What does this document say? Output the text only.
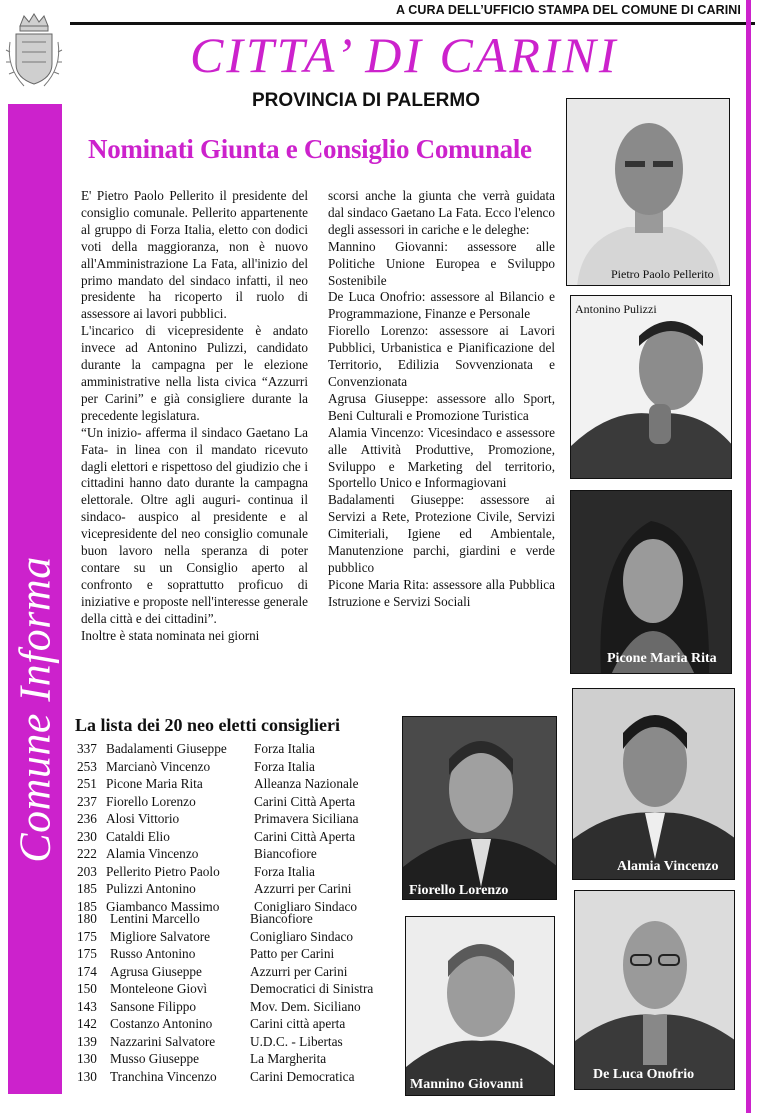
A CURA DELL’UFFICIO STAMPA DEL COMUNE DI CARINI
CITTA’ DI CARINI
PROVINCIA DI PALERMO
Comune Informa
Nominati Giunta e Consiglio Comunale

E' Pietro Paolo Pellerito il presidente del consiglio comunale. Pellerito appartenente al gruppo di Forza Italia, eletto con dodici voti della maggioranza, non è nuovo all'Amministrazione La Fata, all'inizio del primo mandato del sindaco infatti, il neo presidente ha ricoperto il ruolo di assessore ai lavori pubblici.

L'incarico di vicepresidente è andato invece ad Antonino Pulizzi, candidato durante la campagna per le elezione amministrative nella lista civica “Azzurri per Carini” e già consigliere durante la precedente legislatura.

“Un inizio- afferma il sindaco Gaetano La Fata- in linea con il mandato ricevuto dagli elettori e rispettoso del giudizio che i cittadini hanno dato durante la campagna elettorale. Oltre agli auguri- continua il sindaco- auspico al presidente e al vicepresidente del neo consiglio comunale buon lavoro nella speranza di poter contare su un Consiglio aperto al confronto e soprattutto proficuo di iniziative e proposte nell'interesse generale della città e dei cittadini”.

Inoltre è stata nominata nei giorni

scorsi anche la giunta che verrà guidata dal sindaco Gaetano La Fata. Ecco l'elenco degli assessori in cariche e le deleghe:

Mannino Giovanni: assessore alle Politiche Unione Europea e Sviluppo Sostenibile

De Luca Onofrio: assessore al Bilancio e Programmazione, Finanze e Personale

Fiorello Lorenzo: assessore ai Lavori Pubblici, Urbanistica e Pianificazione del Territorio, Edilizia Sovvenzionata e Convenzionata

Agrusa Giuseppe: assessore allo Sport, Beni Culturali e Promozione Turistica

Alamia Vincenzo: Vicesindaco e assessore alle Attività Produttive, Promozione, Sviluppo e Marketing del territorio, Sportello Unico e Informagiovani

Badalamenti Giuseppe: assessore ai Servizi a Rete, Protezione Civile, Servizi Cimiteriali, Igiene ed Ambientale, Manutenzione parchi, giardini e verde pubblico

Picone Maria Rita: assessore alla Pubblica Istruzione e Servizi Sociali

Pietro Paolo Pellerito
Antonino Pulizzi
Picone Maria Rita
Alamia Vincenzo
De Luca Onofrio
Fiorello Lorenzo
Mannino Giovanni
La lista dei 20 neo eletti consiglieri
337 Badalamenti Giuseppe Forza Italia
253 Marcianò Vincenzo	Forza Italia
251 Picone Maria Rita	Alleanza Nazionale
237 Fiorello Lorenzo	Carini Città Aperta
236 Alosi Vittorio	Primavera Siciliana
230 Cataldi Elio	Carini Città Aperta
222 Alamia Vincenzo	Biancofiore
203 Pellerito Pietro Paolo	Forza Italia
185 Pulizzi Antonino	Azzurri per Carini
185 Giambanco Massimo	Conigliaro Sindaco
180 Lentini Marcello	Biancofiore
175 Migliore Salvatore	Conigliaro Sindaco
175 Russo Antonino	Patto per Carini
174 Agrusa Giuseppe	Azzurri per Carini
150 Monteleone Giovì	Democratici di Sinistra
143 Sansone Filippo	Mov. Dem. Siciliano
142 Costanzo Antonino	Carini città aperta
139 Nazzarini Salvatore	U.D.C. - Libertas
130 Musso Giuseppe	La Margherita
130 Tranchina Vincenzo	Carini Democratica
